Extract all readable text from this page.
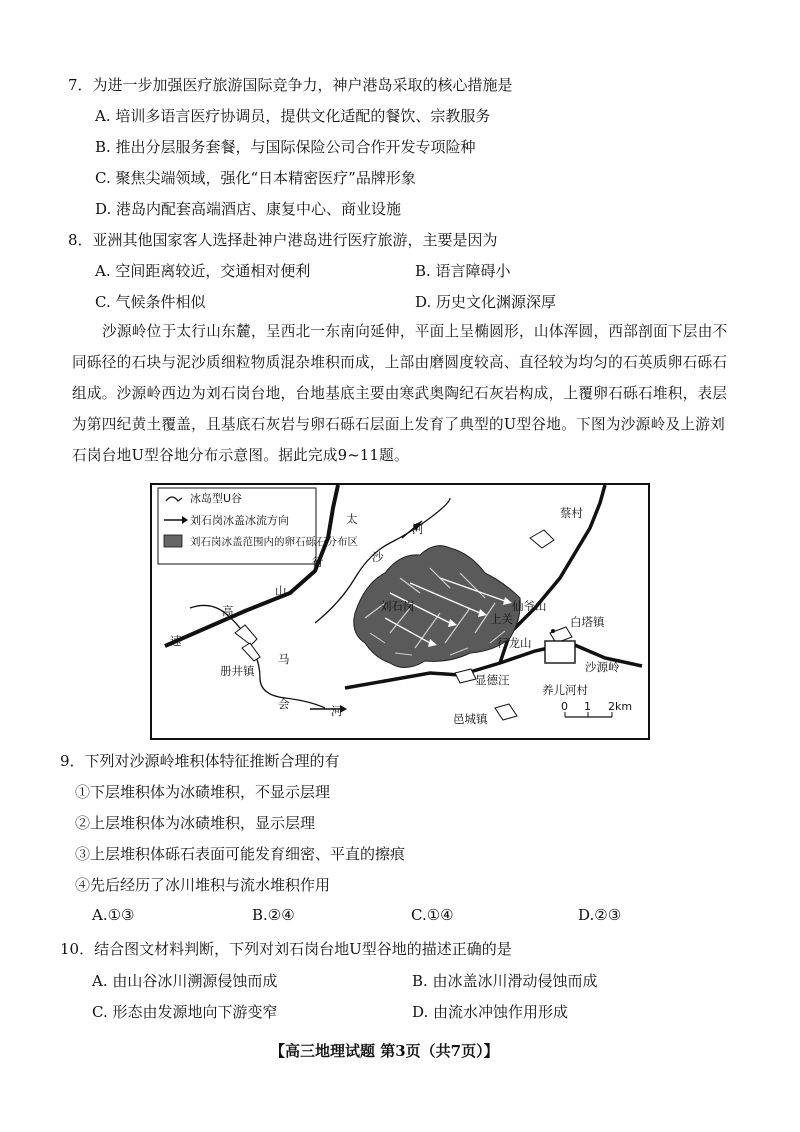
7．为进一步加强医疗旅游国际竞争力，神户港岛采取的核心措施是
A. 培训多语言医疗协调员，提供文化适配的餐饮、宗教服务
B. 推出分层服务套餐，与国际保险公司合作开发专项险种
C. 聚焦尖端领域，强化“日本精密医疗”品牌形象
D. 港岛内配套高端酒店、康复中心、商业设施
8．亚洲其他国家客人选择赴神户港岛进行医疗旅游，主要是因为
A. 空间距离较近，交通相对便利	B. 语言障碍小
C. 气候条件相似	D. 历史文化渊源深厚
沙源岭位于太行山东麓，呈西北一东南向延伸，平面上呈椭圆形，山体浑圆，西部剖面下层由不同砾径的石块与泥沙质细粒物质混杂堆积而成，上部由磨圆度较高、直径较为均匀的石英质卵石砾石组成。沙源岭西边为刘石岗台地，台地基底主要由寒武奥陶纪石灰岩构成，上覆卵石砾石堆积，表层为第四纪黄土覆盖，且基底石灰岩与卵石砾石层面上发育了典型的U型谷地。下图为沙源岭及上游刘石岗台地U型谷地分布示意图。据此完成9~11题。
冰岛型U谷
刘石岗冰盖冰流方向
刘石岗冰盖范围内的卵石砾石分布区
太
行
山
高
速
河
沙
马
会	河
刘石岗
上关
仙爷山
行龙山
蔡村
白塔镇
沙源岭
养儿河村
显德汪
邑城镇
册井镇
0 1 2km
9．下列对沙源岭堆积体特征推断合理的有
①下层堆积体为冰碛堆积，不显示层理
②上层堆积体为冰碛堆积，显示层理
③上层堆积体砾石表面可能发育细密、平直的擦痕
④先后经历了冰川堆积与流水堆积作用
A.①③	B.②④	C.①④	D.②③
10．结合图文材料判断，下列对刘石岗台地U型谷地的描述正确的是
A. 由山谷冰川溯源侵蚀而成	B. 由冰盖冰川滑动侵蚀而成
C. 形态由发源地向下游变窄	D. 由流水冲蚀作用形成
【高三地理试题 第3页（共7页）】
